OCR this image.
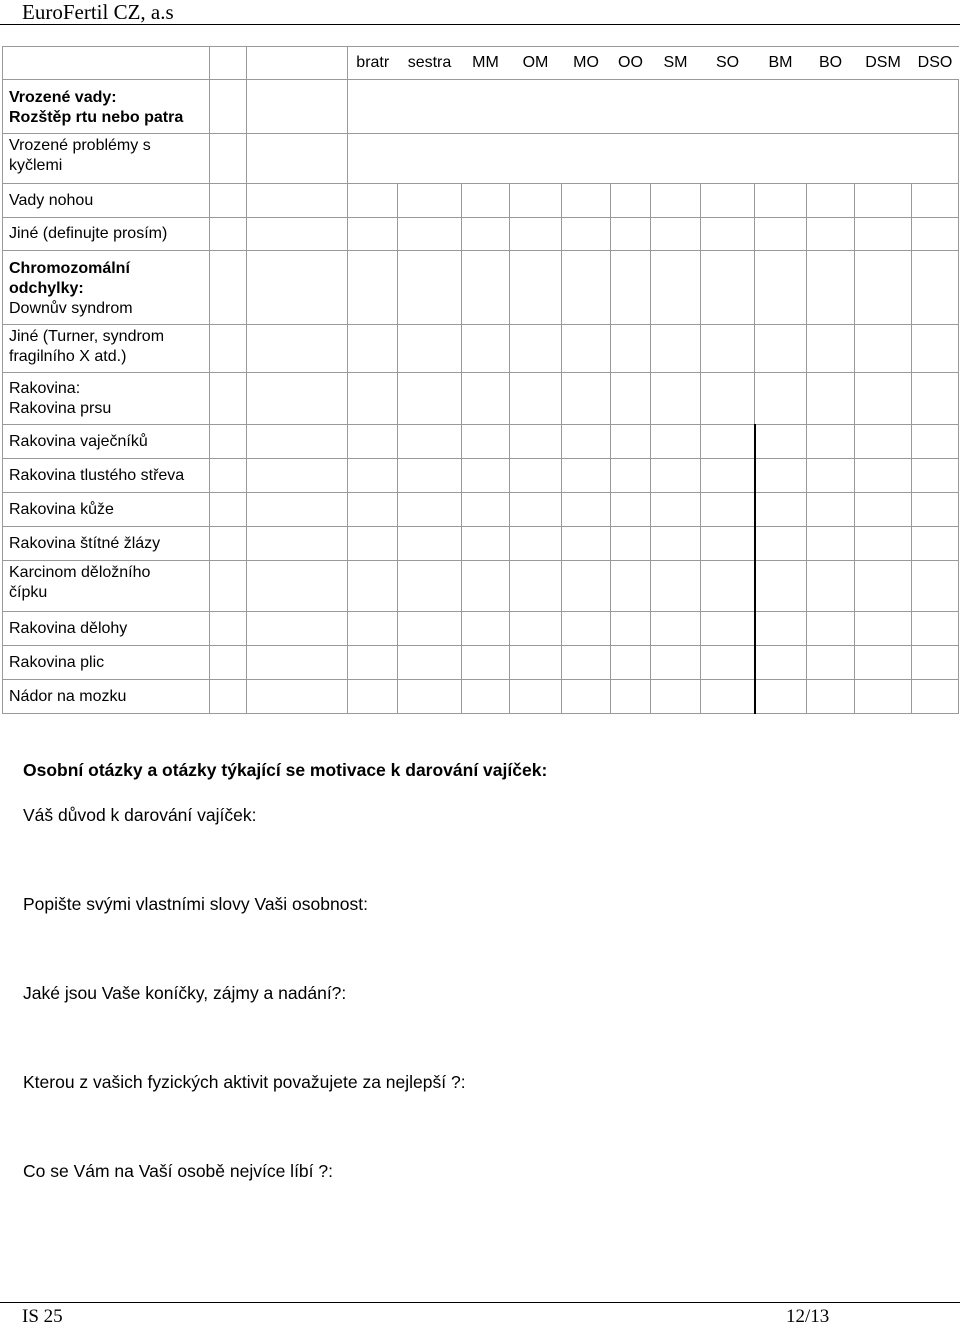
EuroFertil CZ, a.s
			bratr	sestra	MM	OM	MO	OO	SM	SO	BM	BO	DSM	DSO

Vrozené vady:
Rozštěp rtu nebo patra														

Vrozené problémy s kyčlemi														
Vady nohou														
Jiné (definujte prosím)														

Chromozomální odchylky:
Downův syndrom														

Jiné (Turner, syndrom fragilního X atd.)														

Rakovina:
Rakovina prsu														

Rakovina vaječníků														
Rakovina tlustého střeva														
Rakovina kůže														
Rakovina štítné žlázy														
Karcinom děložního čípku														
Rakovina dělohy														
Rakovina plic														
Nádor na mozku														
Osobní otázky a otázky týkající se motivace k darování vajíček:
Váš důvod k darování vajíček:
Popište svými vlastními slovy Vaši osobnost:
Jaké jsou Vaše koníčky, zájmy a nadání?:
Kterou z vašich fyzických aktivit považujete za nejlepší ?:
Co se Vám na Vaší osobě nejvíce líbí ?:
IS 25	12/13
